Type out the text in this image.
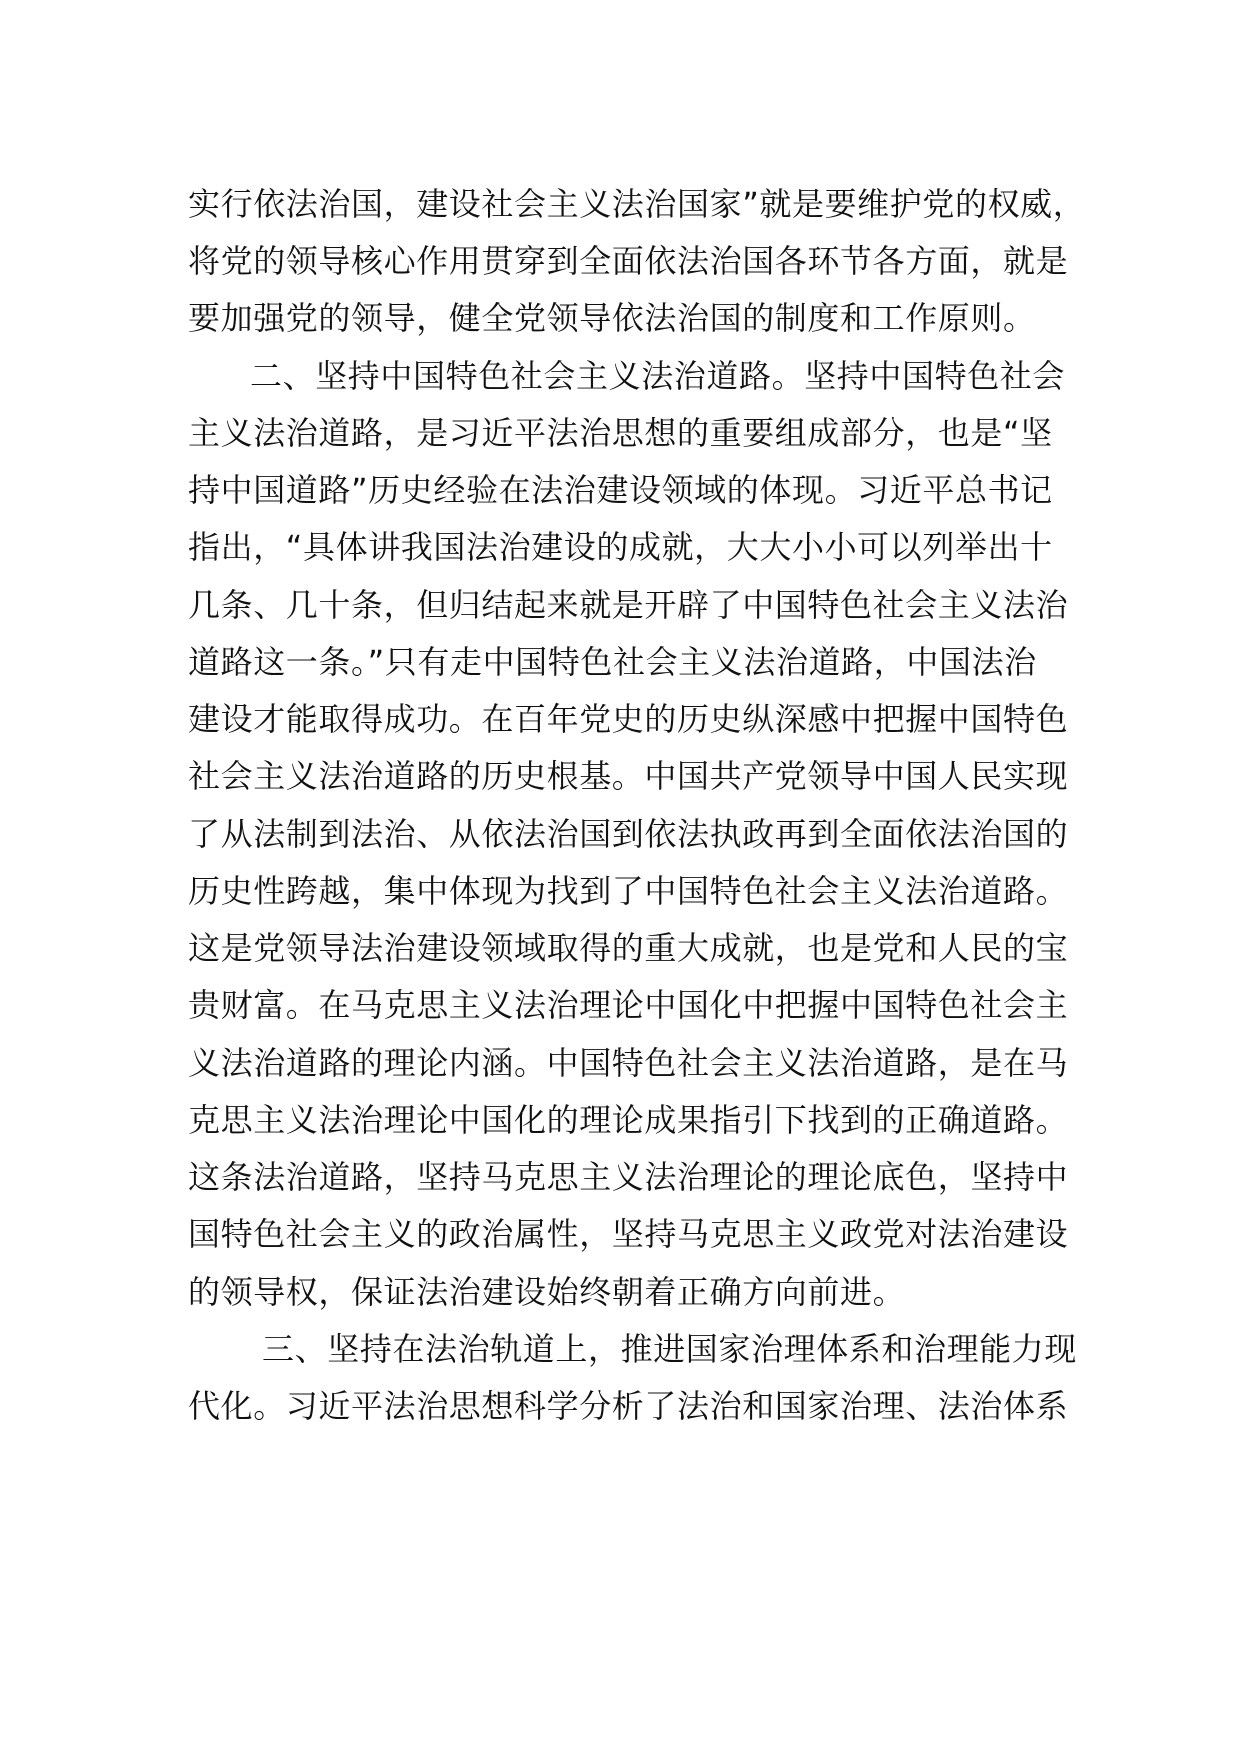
实行依法治国，建设社会主义法治国家”就是要维护党的权威，
将党的领导核心作用贯穿到全面依法治国各环节各方面，就是
要加强党的领导，健全党领导依法治国的制度和工作原则。
二、坚持中国特色社会主义法治道路。坚持中国特色社会
主义法治道路，是习近平法治思想的重要组成部分，也是“坚
持中国道路”历史经验在法治建设领域的体现。习近平总书记
指出，“具体讲我国法治建设的成就，大大小小可以列举出十
几条、几十条，但归结起来就是开辟了中国特色社会主义法治
道路这一条。”只有走中国特色社会主义法治道路，中国法治
建设才能取得成功。在百年党史的历史纵深感中把握中国特色
社会主义法治道路的历史根基。中国共产党领导中国人民实现
了从法制到法治、从依法治国到依法执政再到全面依法治国的
历史性跨越，集中体现为找到了中国特色社会主义法治道路。
这是党领导法治建设领域取得的重大成就，也是党和人民的宝
贵财富。在马克思主义法治理论中国化中把握中国特色社会主
义法治道路的理论内涵。中国特色社会主义法治道路，是在马
克思主义法治理论中国化的理论成果指引下找到的正确道路。
这条法治道路，坚持马克思主义法治理论的理论底色，坚持中
国特色社会主义的政治属性，坚持马克思主义政党对法治建设
的领导权，保证法治建设始终朝着正确方向前进。
三、坚持在法治轨道上，推进国家治理体系和治理能力现
代化。习近平法治思想科学分析了法治和国家治理、法治体系
